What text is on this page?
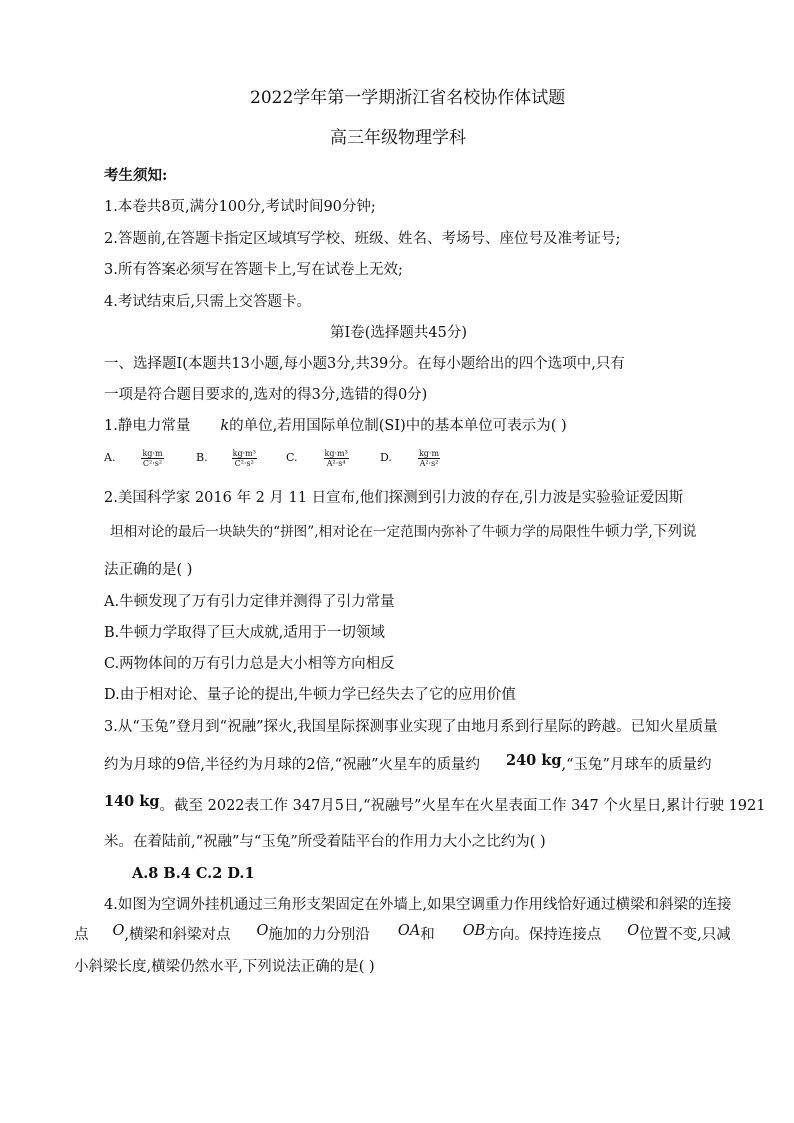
2022学年第一学期浙江省名校协作体试题
高三年级物理学科
考生须知:
1.本卷共8页,满分100分,考试时间90分钟;
2.答题前,在答题卡指定区域填写学校、班级、姓名、考场号、座位号及准考证号;
3.所有答案必须写在答题卡上,写在试卷上无效;
4.考试结束后,只需上交答题卡。
第Ⅰ卷(选择题共45分)
一、选择题Ⅰ(本题共13小题,每小题3分,共39分。在每小题给出的四个选项中,只有
一项是符合题目要求的,选对的得3分,选错的得0分)
1.静电力常量 k的单位,若用国际单位制(SI)中的基本单位可表示为( )
A.	$\frac{kg\cdot m}{\text{C²·s²}}$	B.	$\frac{\text{kg·m³}}{\text{C²·s²}}$	C.	$\frac{\text{kg·m³}}{\text{A²·s⁴}}$	D.	$\frac{kg\cdot m}{\text{A²·s²}}$
2.美国科学家 2016 年 2 月 11 日宣布,他们探测到引力波的存在,引力波是实验验证爱因斯
坦相对论的最后一块缺失的“拼图”,相对论在一定范围内弥补了牛顿力学的局限性牛顿力学,下列说
法正确的是( )
A.牛顿发现了万有引力定律并测得了引力常量
B.牛顿力学取得了巨大成就,适用于一切领域
C.两物体间的万有引力总是大小相等方向相反
D.由于相对论、量子论的提出,牛顿力学已经失去了它的应用价值
3.从“玉兔”登月到“祝融”探火,我国星际探测事业实现了由地月系到行星际的跨越。已知火星质量
约为月球的9倍,半径约为月球的2倍,“祝融”火星车的质量约 240 kg,“玉兔”月球车的质量约
140 kg。截至 2022表工作 347月5日,“祝融号”火星车在火星表面工作 347 个火星日,累计行驶 1921
米。在着陆前,“祝融”与“玉兔”所受着陆平台的作用力大小之比约为( )
A.8 B.4 C.2 D.1
4.如图为空调外挂机通过三角形支架固定在外墙上,如果空调重力作用线恰好通过横梁和斜梁的连接
点 O,横梁和斜梁对点 O施加的力分别沿 OA和 OB方向。保持连接点 O位置不变,只减
小斜梁长度,横梁仍然水平,下列说法正确的是( )
